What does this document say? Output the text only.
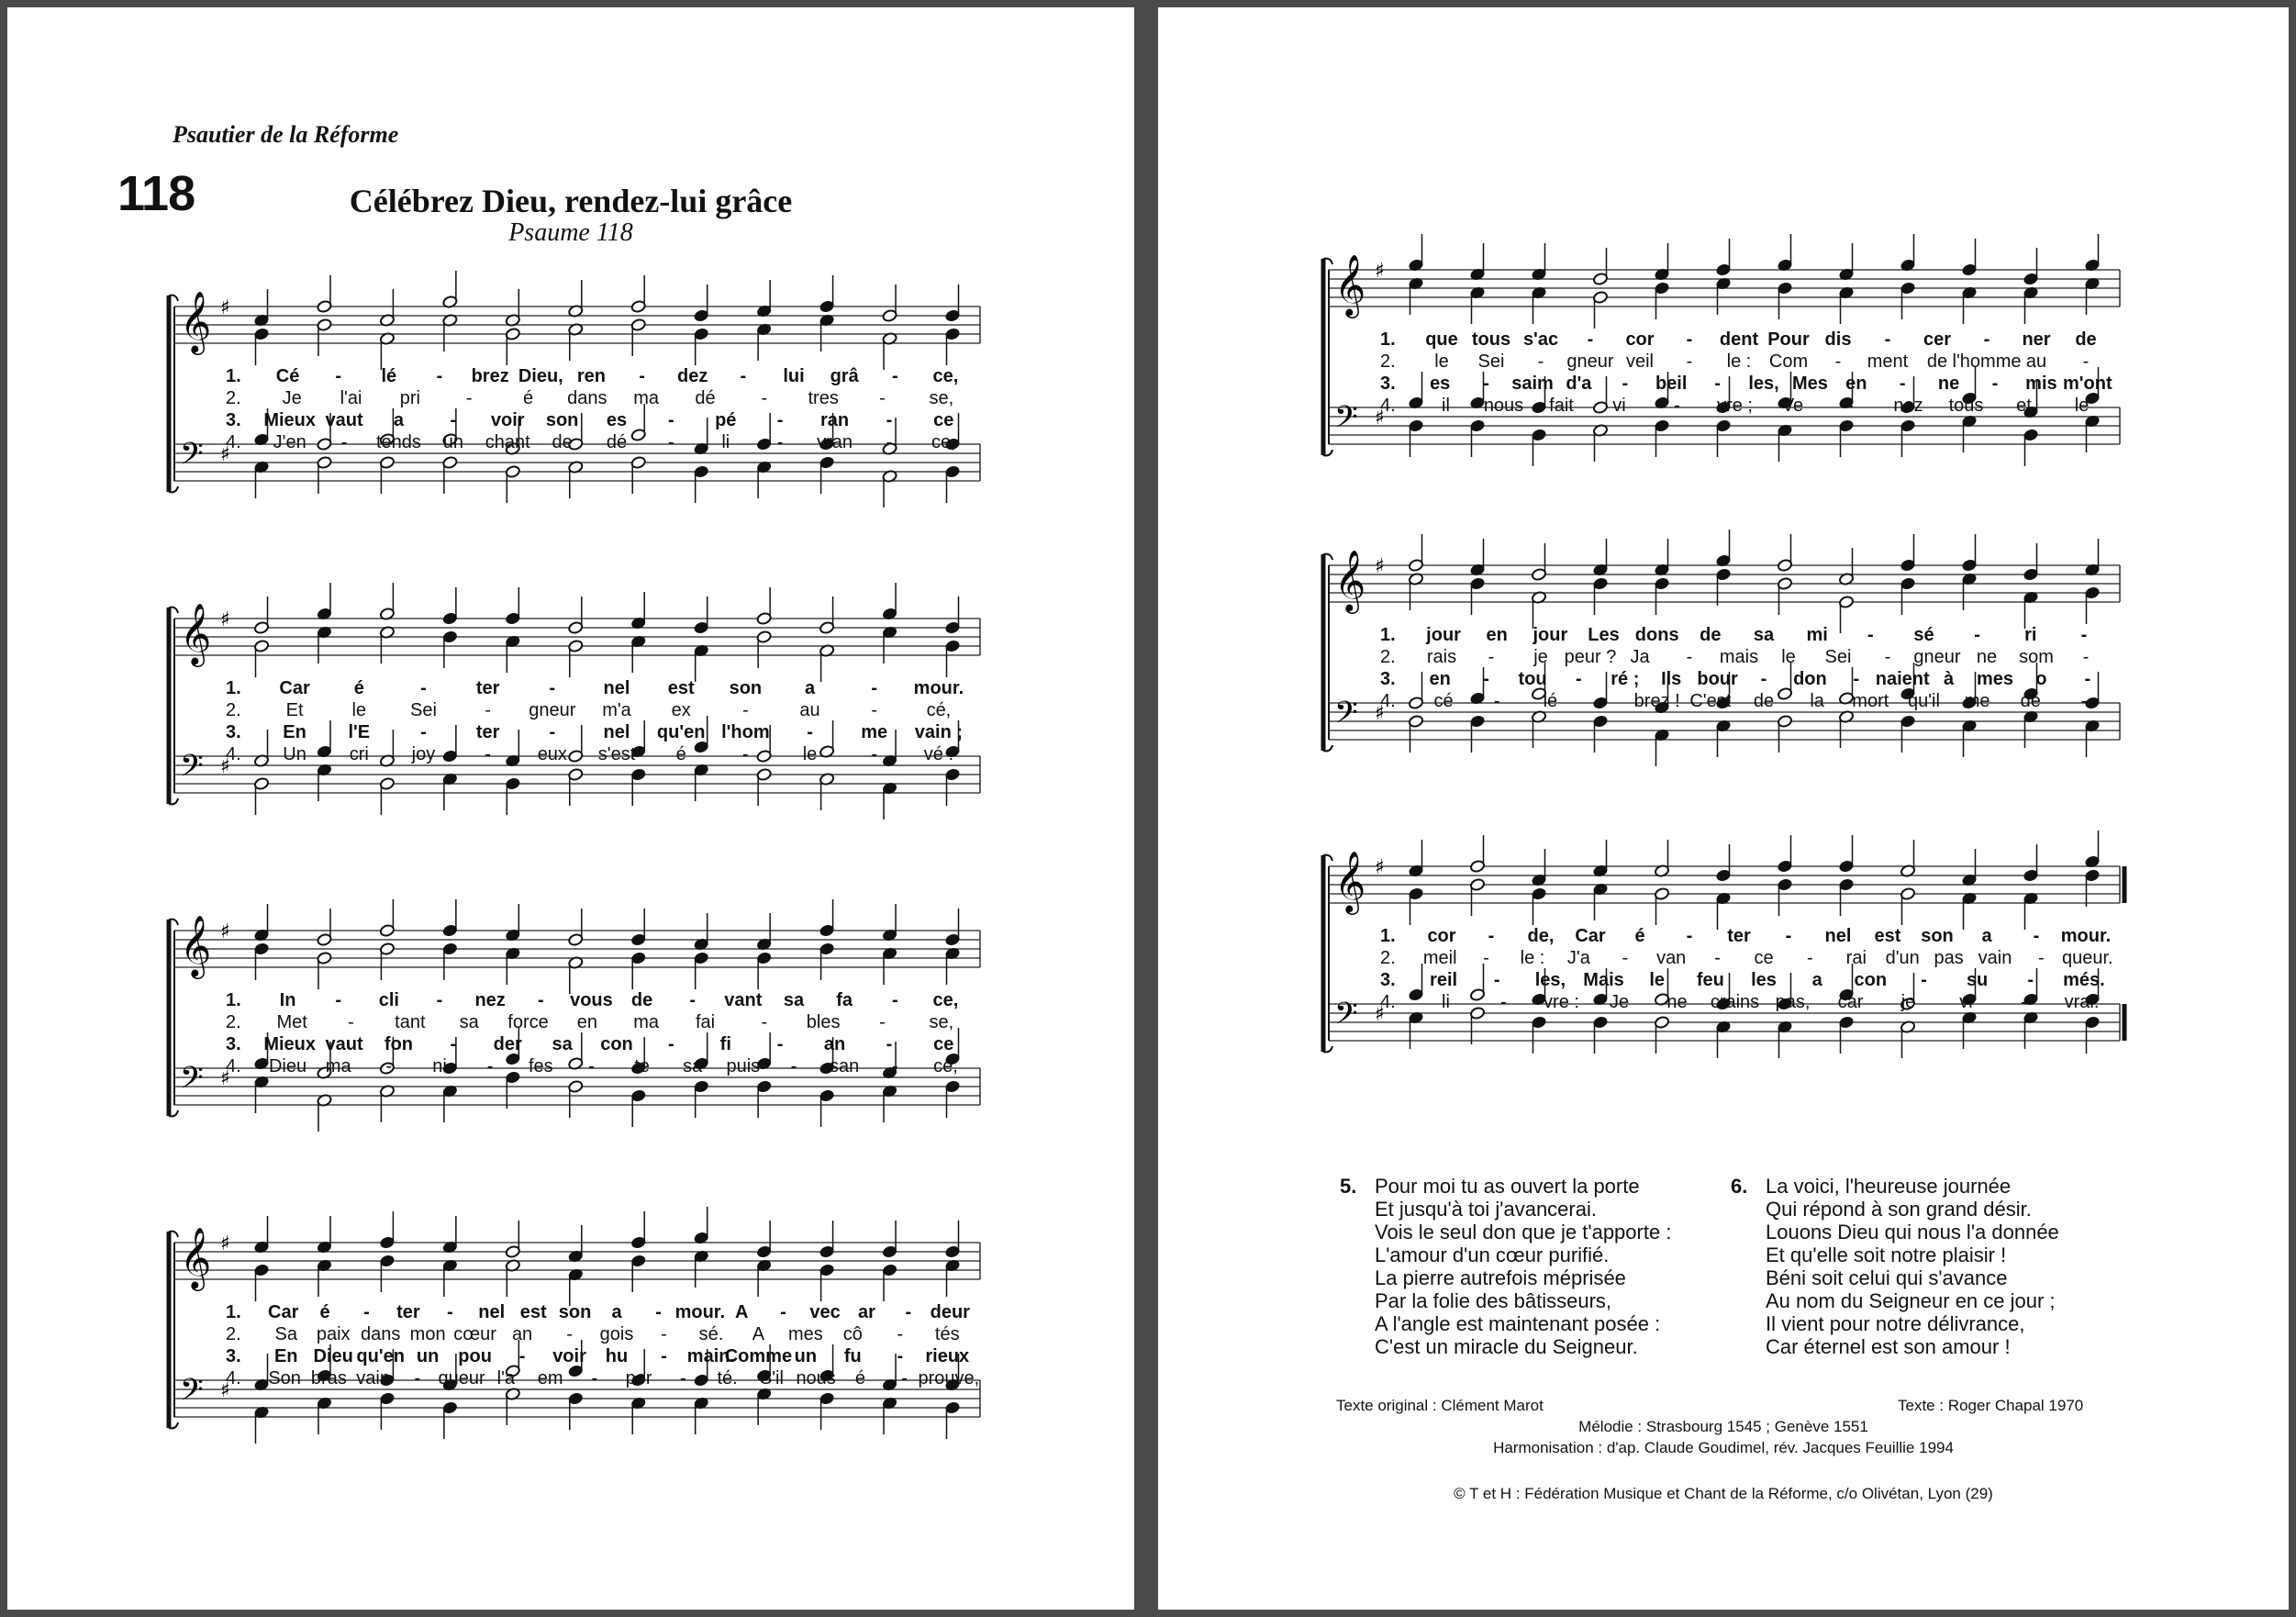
Psautier de la Réforme
118	Célébrez Dieu, rendez-lui grâce
Psaume 118
𝄞
𝄢
♯
♯
1. Cé - lé - brez Dieu, ren - dez - lui grâ - ce,
2. Je l'ai pri -	é dans ma dé - tres - se,
3. Mieux vaut a	- voir son es - pé - ran - ce
4. J'en - tends un chant de dé -	li	- vran - ce,
𝄞
𝄢
♯
♯
1. Car é	-	ter	-	nel est son a	- mour.
2. Et	le Sei	- gneur m'a ex	-	au	-	cé,
3. En l'E	-	ter	-	nel qu'en l'hom -	me vain ;
4. Un cri joy	-	eux s'est é	-	le	-	vé :
𝄞
𝄢
♯
♯
1. In - cli - nez - vous de - vant sa fa - ce,
2. Met - tant sa force en ma fai	- bles - se,
3. Mieux vaut fon - der sa con - fi - an - ce
4. Dieu ma - ni - fes - te sa puis - san - ce,
𝄞
𝄢
♯
♯
1. Car é - ter - nel est son a - mour. A - vec ar - deur
2. Sa paix dans mon cœur an - gois - sé. A mes cô - tés
3. En Dieu qu'en un pou - voir hu - main.
Comme un fu - rieux
4. Son bras vain - queur l'a em - por - té. S'il nous é - prouve,
5. Pour moi tu as ouvert la porte
Et jusqu'à toi j'avancerai.
Vois le seul don que je t'apporte :
L'amour d'un cœur purifié.
La pierre autrefois méprisée
Par la folie des bâtisseurs,
A l'angle est maintenant posée :
C'est un miracle du Seigneur.
6. La voici, l'heureuse journée
Qui répond à son grand désir.
Louons Dieu qui nous l'a donnée
Et qu'elle soit notre plaisir !
Béni soit celui qui s'avance
Au nom du Seigneur en ce jour ;
Il vient pour notre délivrance,
Car éternel est son amour !
Texte original : Clément Marot	Texte : Roger Chapal 1970
Mélodie : Strasbourg 1545 ; Genève 1551
Harmonisation : d'ap. Claude Goudimel, rév. Jacques Feuillie 1994
© T et H : Fédération Musique et Chant de la Réforme, c/o Olivétan, Lyon (29)
𝄞
𝄢
♯
♯
1. que tous s'ac - cor - dent Pour dis - cer - ner de
2. le Sei - gneur veil - le : Com - ment de l'homme au -
3. es - saim d'a - beil - les, Mes en - ne - mis m'ont
4.	il nous fait vi	- vre ; Ve - nez tous et le
𝄞
𝄢
♯
♯
1. jour en jour Les dons de sa mi - sé - ri -
2. rais - je peur ? Ja - mais le Sei - gneur ne som -
3. en - tou - ré ; Ils bour - don - naient à mes o -
4. cé - lé - brez ! C'est de la mort qu'il me dé -
𝄞
𝄢
♯
♯
1. cor - de, Car é - ter - nel est son a - mour.
2. meil - le : J'a - van - ce - rai d'un pas vain - queur.
3. reil - les, Mais le feu les a con - su - més.
4.	li	- vre : Je ne crains pas, car je vi	- vrai.
